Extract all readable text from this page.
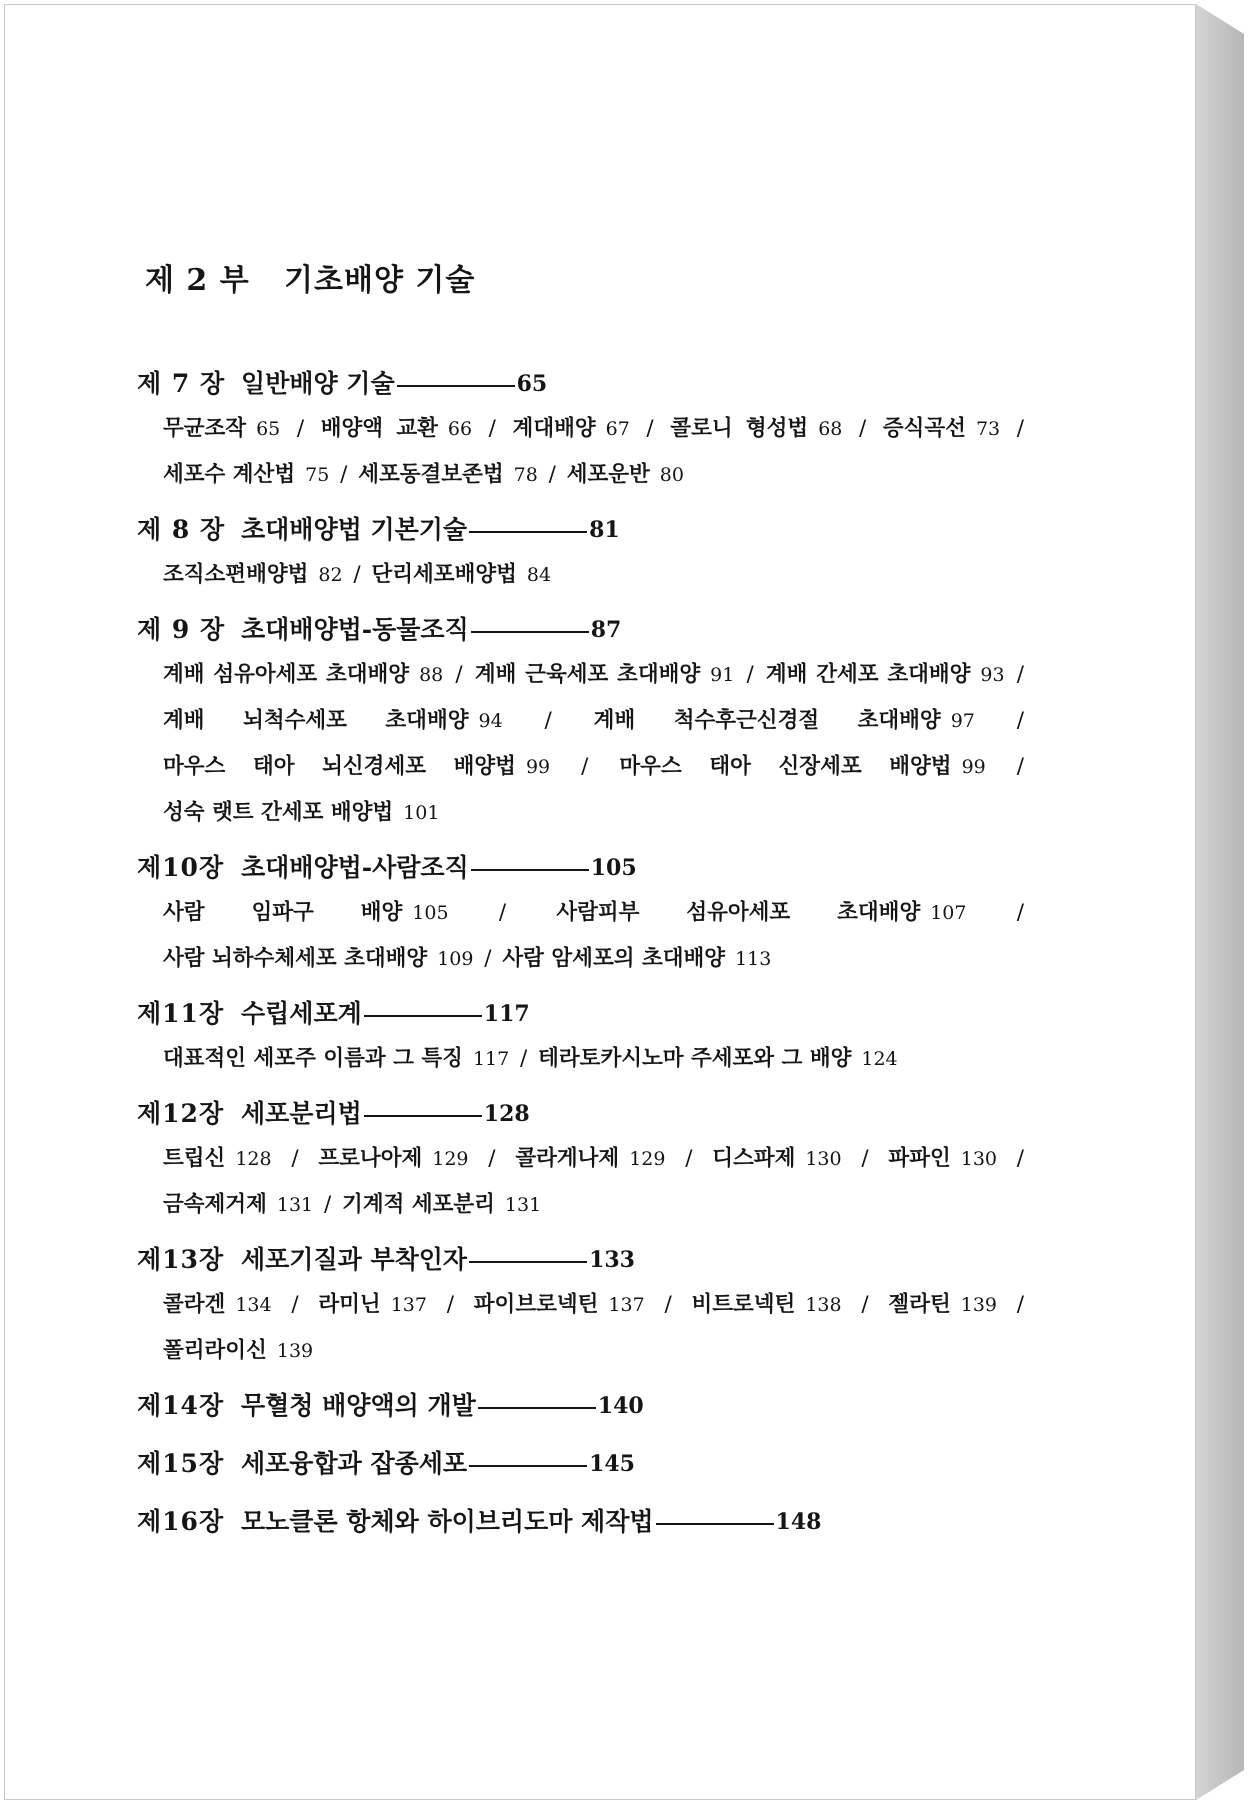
제 2 부   기초배양 기술
제 7 장 일반배양 기술	65
무균조작 65 / 배양액 교환 66 / 계대배양 67 / 콜로니 형성법 68 / 증식곡선 73 / 세포수 계산법 75 / 세포동결보존법 78 / 세포운반 80
제 8 장 초대배양법 기본기술	81
조직소편배양법 82 / 단리세포배양법 84
제 9 장 초대배양법-동물조직	87
계배 섬유아세포 초대배양 88 / 계배 근육세포 초대배양 91 / 계배 간세포 초대배양 93 / 계배 뇌척수세포 초대배양 94 / 계배 척수후근신경절 초대배양 97 / 마우스 태아 뇌신경세포 배양법 99 / 마우스 태아 신장세포 배양법 99 / 성숙 랫트 간세포 배양법 101
제10장 초대배양법-사람조직	105
사람 임파구 배양 105 / 사람피부 섬유아세포 초대배양 107 / 사람 뇌하수체세포 초대배양 109 / 사람 암세포의 초대배양 113
제11장 수립세포계	117
대표적인 세포주 이름과 그 특징 117 / 테라토카시노마 주세포와 그 배양 124
제12장 세포분리법	128
트립신 128 / 프로나아제 129 / 콜라게나제 129 / 디스파제 130 / 파파인 130 / 금속제거제 131 / 기계적 세포분리 131
제13장 세포기질과 부착인자	133
콜라겐 134 / 라미닌 137 / 파이브로넥틴 137 / 비트로넥틴 138 / 젤라틴 139 / 폴리라이신 139
제14장 무혈청 배양액의 개발	140
제15장 세포융합과 잡종세포	145
제16장 모노클론 항체와 하이브리도마 제작법	148
